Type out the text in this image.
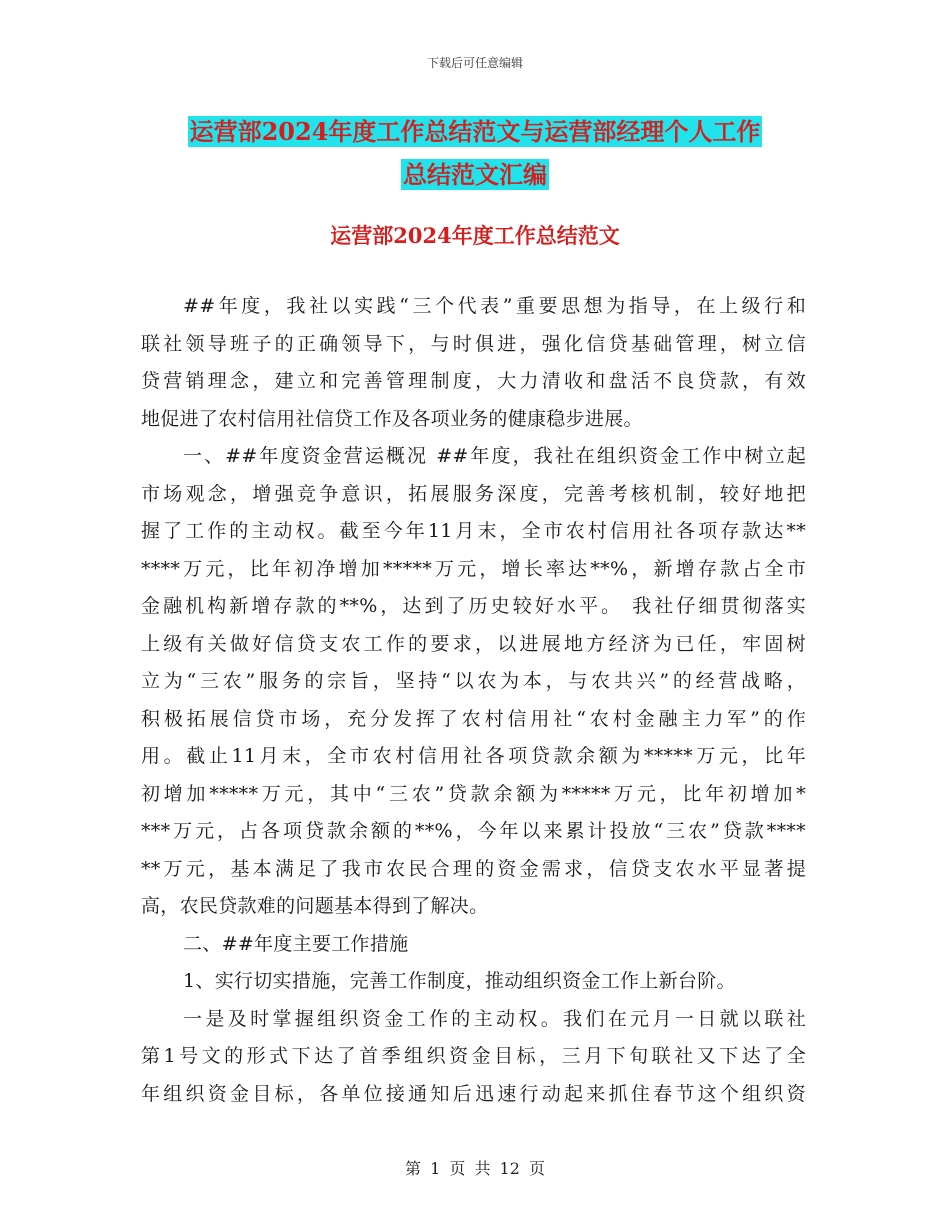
下载后可任意编辑
运营部2024年度工作总结范文与运营部经理个人工作
总结范文汇编
运营部2024年度工作总结范文
##年度，我社以实践“三个代表”重要思想为指导，在上级行和
联社领导班子的正确领导下，与时俱进，强化信贷基础管理，树立信
贷营销理念，建立和完善管理制度，大力清收和盘活不良贷款，有效
地促进了农村信用社信贷工作及各项业务的健康稳步进展。
一、##年度资金营运概况 ##年度，我社在组织资金工作中树立起
市场观念，增强竞争意识，拓展服务深度，完善考核机制，较好地把
握了工作的主动权。截至今年11月末，全市农村信用社各项存款达**
****万元，比年初净增加*****万元，增长率达**%，新增存款占全市
金融机构新增存款的**%，达到了历史较好水平。 我社仔细贯彻落实
上级有关做好信贷支农工作的要求，以进展地方经济为已任，牢固树
立为“三农”服务的宗旨，坚持“以农为本，与农共兴”的经营战略，
积极拓展信贷市场，充分发挥了农村信用社“农村金融主力军”的作
用。截止11月末，全市农村信用社各项贷款余额为*****万元，比年
初增加*****万元，其中“三农”贷款余额为*****万元，比年初增加*
***万元，占各项贷款余额的**%，今年以来累计投放“三农”贷款****
**万元，基本满足了我市农民合理的资金需求，信贷支农水平显著提
高，农民贷款难的问题基本得到了解决。
二、##年度主要工作措施
1、实行切实措施，完善工作制度，推动组织资金工作上新台阶。
一是及时掌握组织资金工作的主动权。我们在元月一日就以联社
第1号文的形式下达了首季组织资金目标，三月下旬联社又下达了全
年组织资金目标，各单位接通知后迅速行动起来抓住春节这个组织资
第 1 页 共 12 页
